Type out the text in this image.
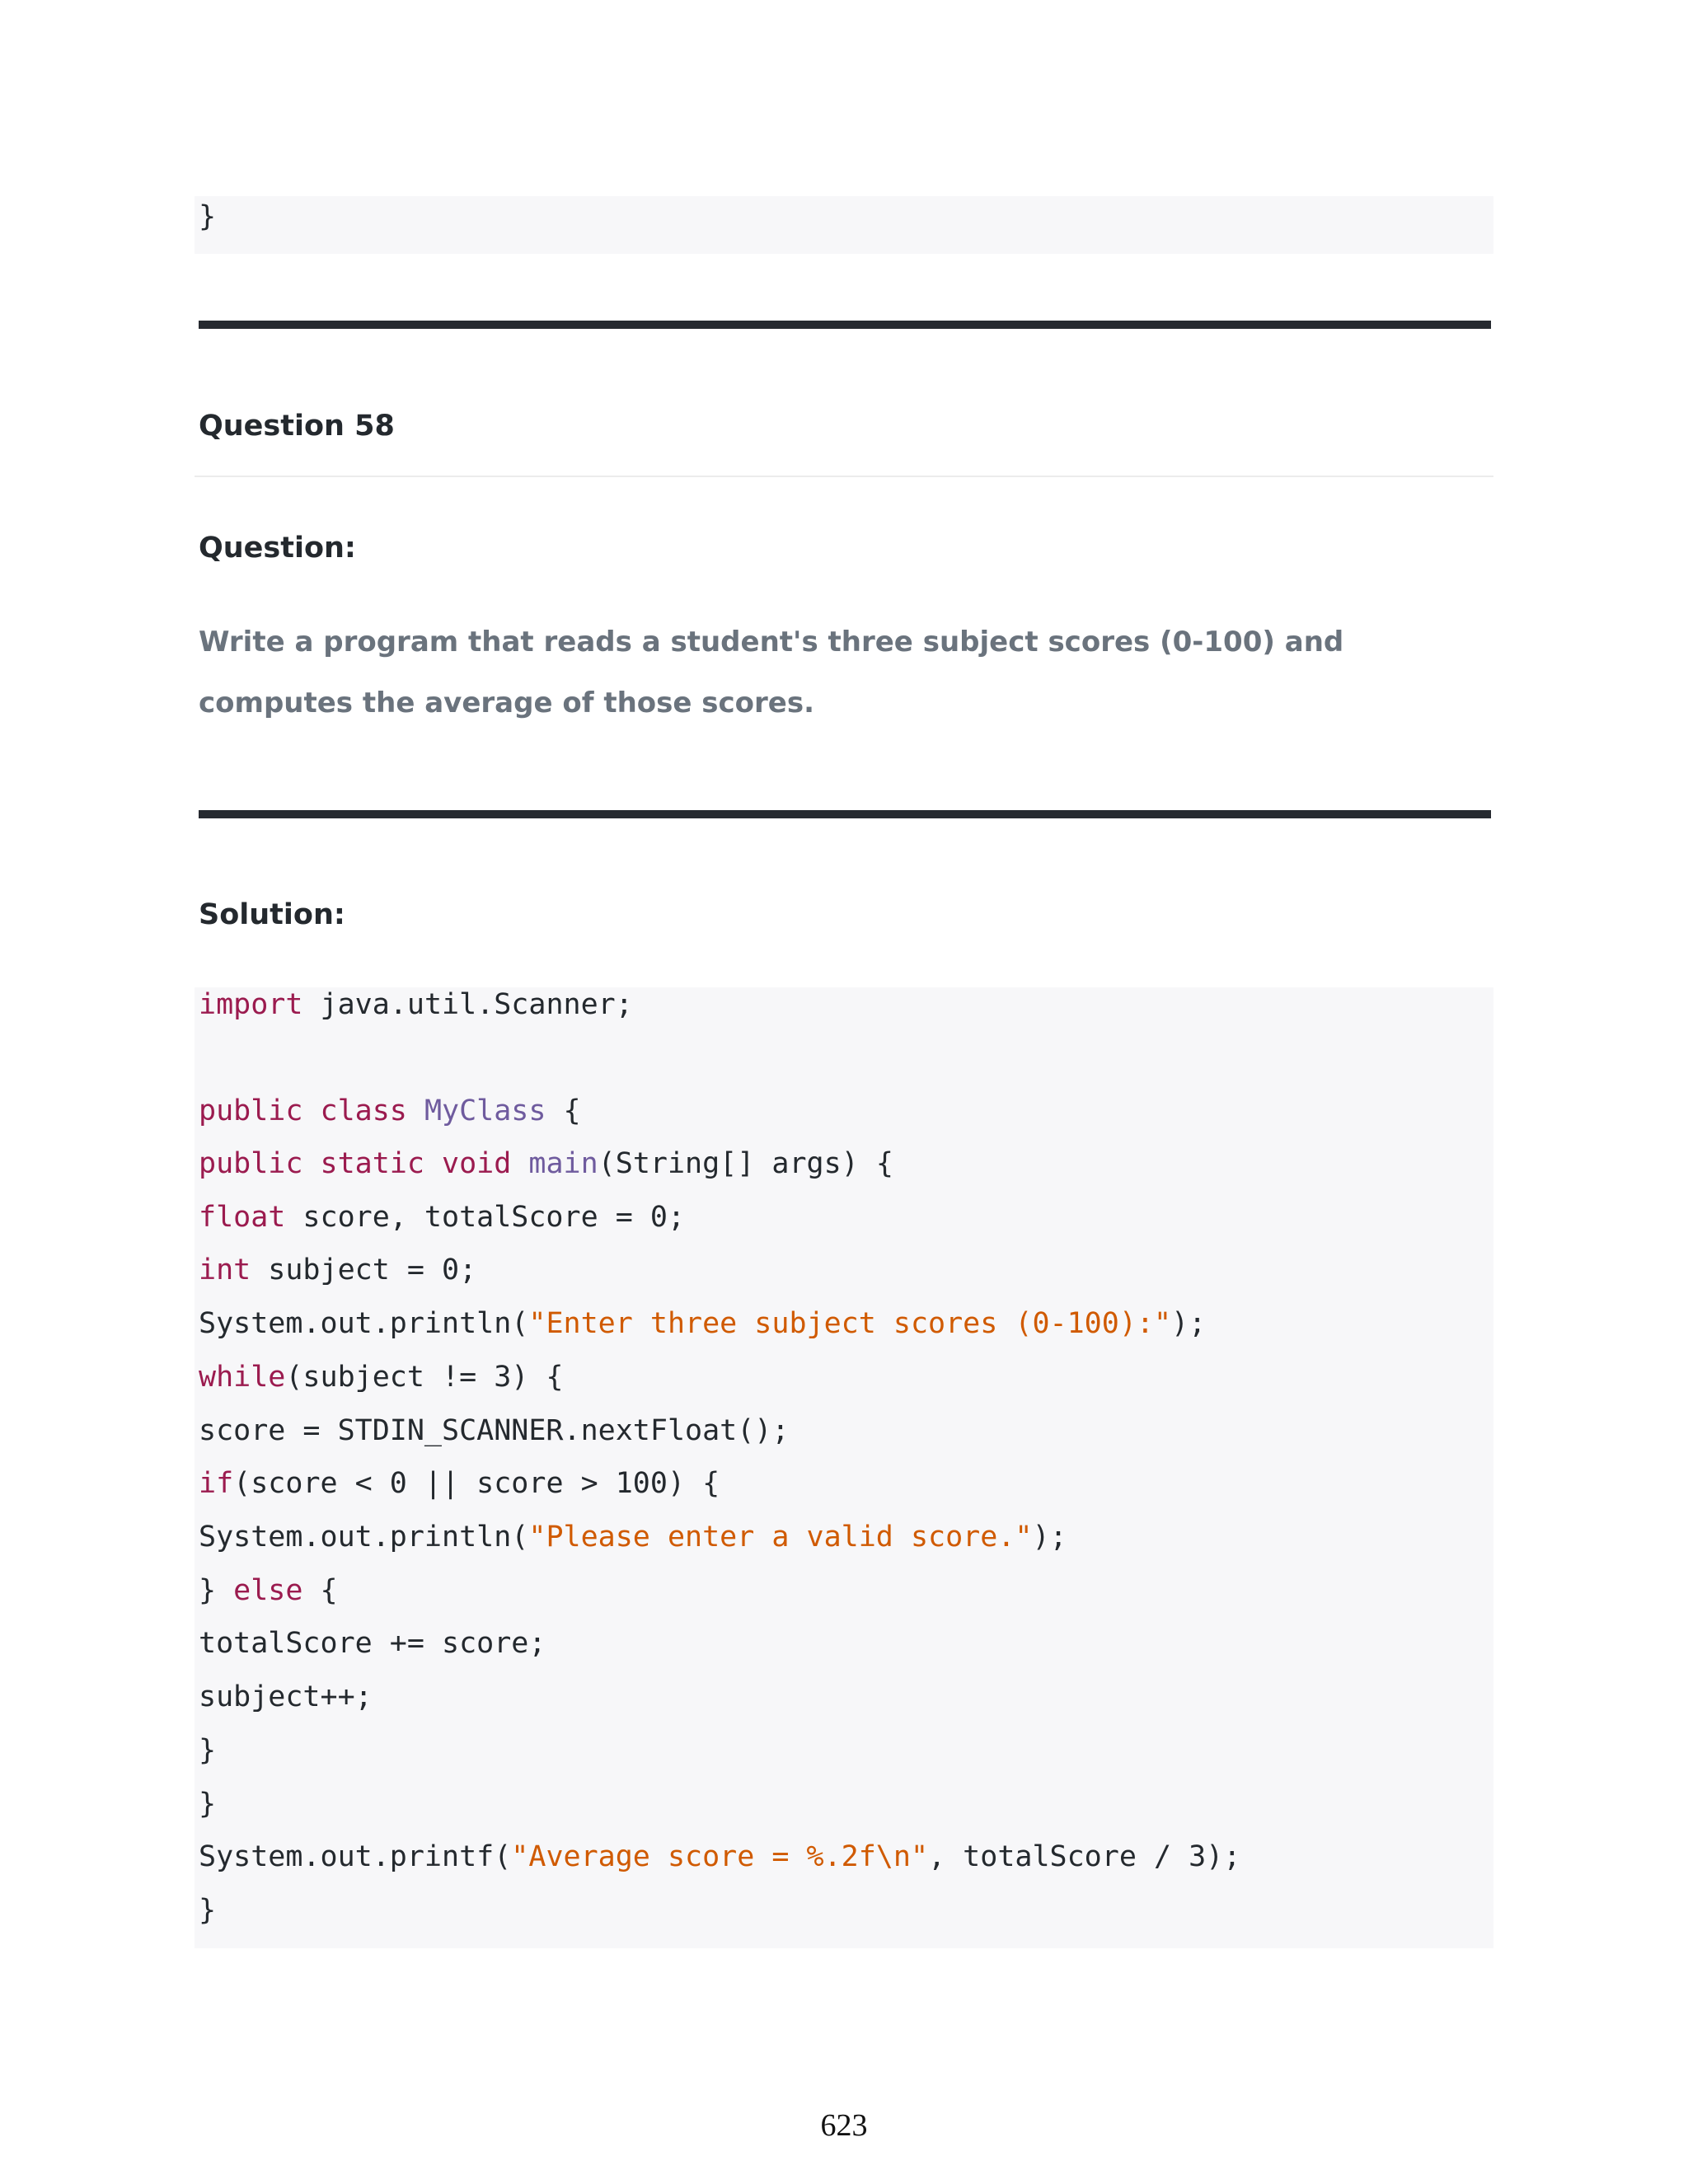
}
Question 58
Question:
Write a program that reads a student's three subject scores (0-100) and computes the average of those scores.
Solution:
import java.util.Scanner;
public class MyClass {
public static void main(String[] args) {
float score, totalScore = 0;
int subject = 0;
System.out.println("Enter three subject scores (0-100):");
while(subject != 3) {
score = STDIN_SCANNER.nextFloat();
if(score < 0 || score > 100) {
System.out.println("Please enter a valid score.");
} else {
totalScore += score;
subject++;
}
}
System.out.printf("Average score = %.2f\n", totalScore / 3);
}
623
